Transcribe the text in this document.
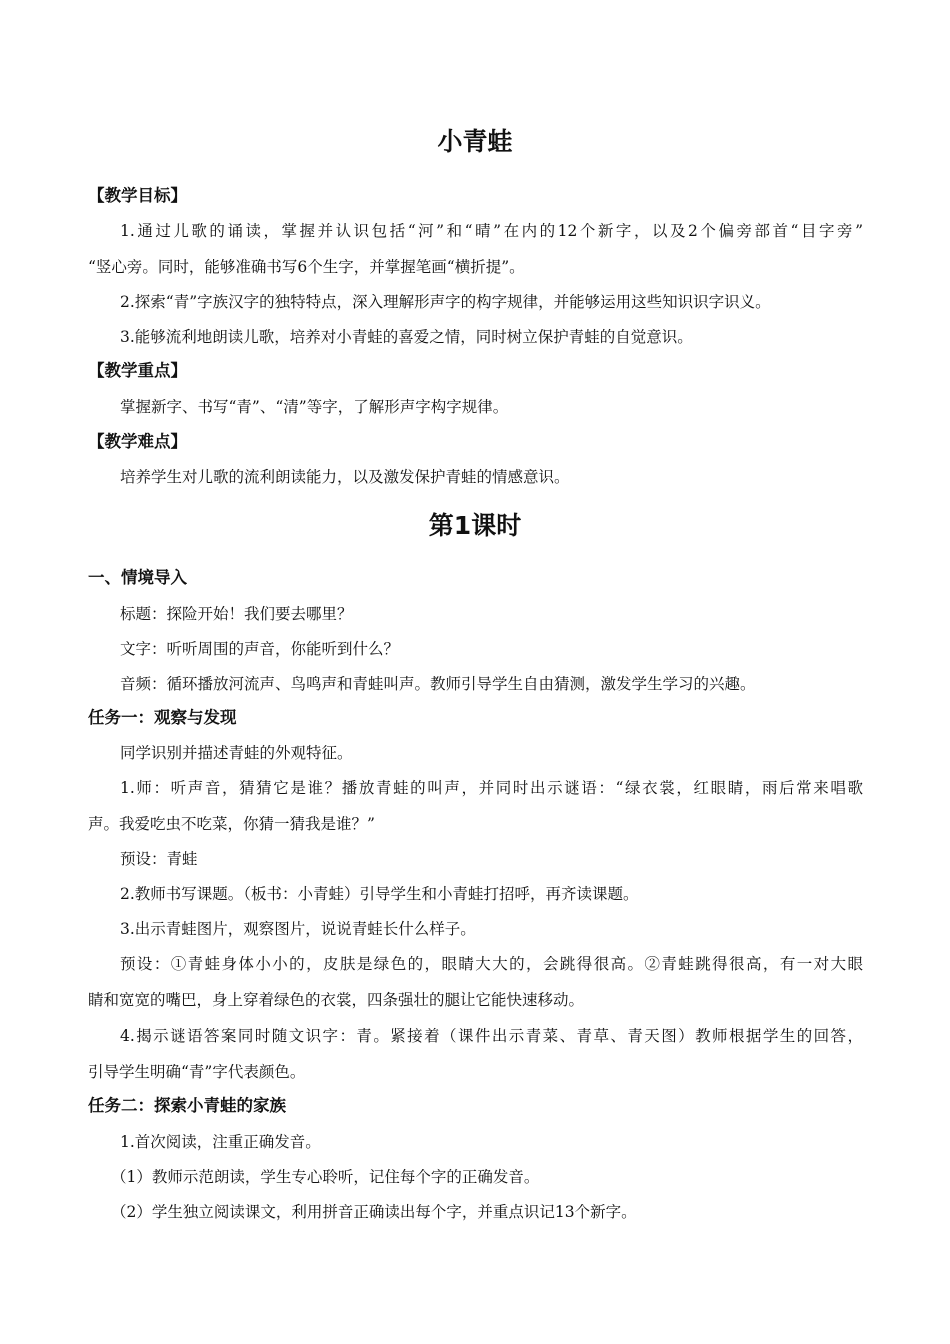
小青蛙
【教学目标】
1.通过儿歌的诵读，掌握并认识包括“河”和“晴”在内的12个新字，以及2个偏旁部首“目字旁”
“竖心旁。同时，能够准确书写6个生字，并掌握笔画“横折提”。
2.探索“青”字族汉字的独特特点，深入理解形声字的构字规律，并能够运用这些知识识字识义。
3.能够流利地朗读儿歌，培养对小青蛙的喜爱之情，同时树立保护青蛙的自觉意识。
【教学重点】
掌握新字、书写“青”、“清”等字，了解形声字构字规律。
【教学难点】
培养学生对儿歌的流利朗读能力，以及激发保护青蛙的情感意识。
第1课时
一、情境导入
标题：探险开始！我们要去哪里？
文字：听听周围的声音，你能听到什么？
音频：循环播放河流声、鸟鸣声和青蛙叫声。教师引导学生自由猜测，激发学生学习的兴趣。
任务一：观察与发现
同学识别并描述青蛙的外观特征。
1.师：听声音，猜猜它是谁？播放青蛙的叫声，并同时出示谜语：“绿衣裳，红眼睛，雨后常来唱歌
声。我爱吃虫不吃菜，你猜一猜我是谁？”
预设：青蛙
2.教师书写课题。（板书：小青蛙）引导学生和小青蛙打招呼，再齐读课题。
3.出示青蛙图片，观察图片，说说青蛙长什么样子。
预设：①青蛙身体小小的，皮肤是绿色的，眼睛大大的，会跳得很高。②青蛙跳得很高，有一对大眼
睛和宽宽的嘴巴，身上穿着绿色的衣裳，四条强壮的腿让它能快速移动。
4.揭示谜语答案同时随文识字：青。紧接着（课件出示青菜、青草、青天图）教师根据学生的回答，
引导学生明确“青”字代表颜色。
任务二：探索小青蛙的家族
1.首次阅读，注重正确发音。
（1）教师示范朗读，学生专心聆听，记住每个字的正确发音。
（2）学生独立阅读课文，利用拼音正确读出每个字，并重点识记13个新字。
